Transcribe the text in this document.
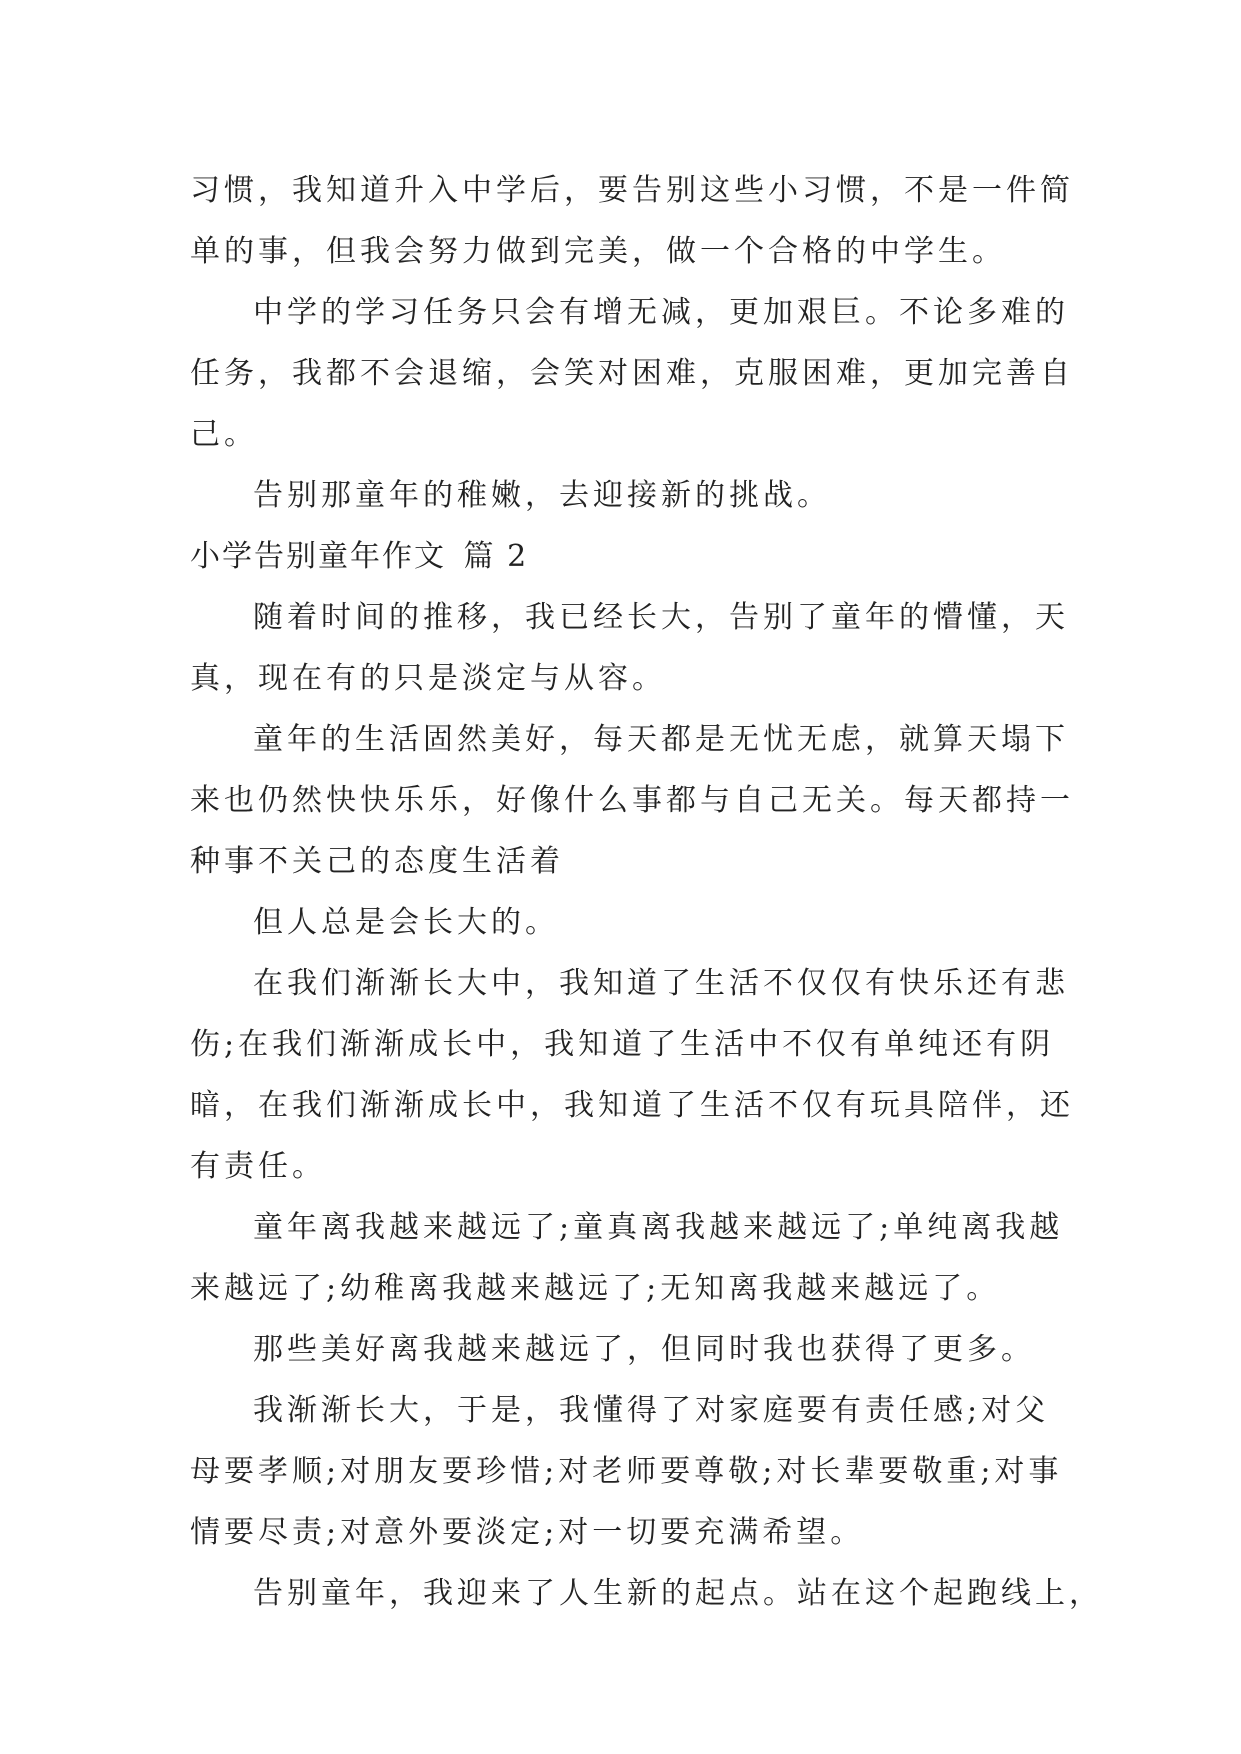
习惯，我知道升入中学后，要告别这些小习惯，不是一件简
单的事，但我会努力做到完美，做一个合格的中学生。
中学的学习任务只会有增无减，更加艰巨。不论多难的
任务，我都不会退缩，会笑对困难，克服困难，更加完善自
己。
告别那童年的稚嫩，去迎接新的挑战。
小学告别童年作文 篇 2
随着时间的推移，我已经长大，告别了童年的懵懂，天
真，现在有的只是淡定与从容。
童年的生活固然美好，每天都是无忧无虑，就算天塌下
来也仍然快快乐乐，好像什么事都与自己无关。每天都持一
种事不关己的态度生活着
但人总是会长大的。
在我们渐渐长大中，我知道了生活不仅仅有快乐还有悲
伤;在我们渐渐成长中，我知道了生活中不仅有单纯还有阴
暗，在我们渐渐成长中，我知道了生活不仅有玩具陪伴，还
有责任。
童年离我越来越远了;童真离我越来越远了;单纯离我越
来越远了;幼稚离我越来越远了;无知离我越来越远了。
那些美好离我越来越远了，但同时我也获得了更多。
我渐渐长大，于是，我懂得了对家庭要有责任感;对父
母要孝顺;对朋友要珍惜;对老师要尊敬;对长辈要敬重;对事
情要尽责;对意外要淡定;对一切要充满希望。
告别童年，我迎来了人生新的起点。站在这个起跑线上，
